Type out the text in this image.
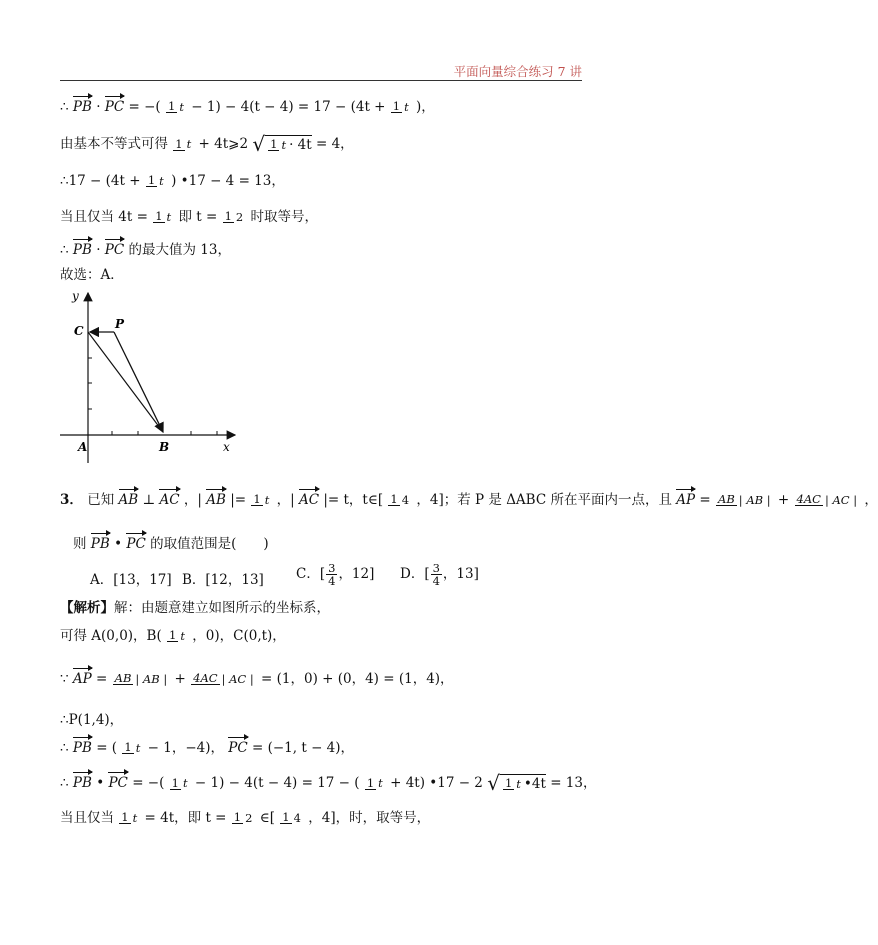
平面向量综合练习 7 讲
∴ PB · PC = −( 1 t − 1) − 4(t − 4) = 17 − (4t + 1 t )，
由基本不等式可得 1 t + 4t⩾2 √ 1 t · 4t = 4，
∴17 − (4t + 1 t ) •17 − 4 = 13，
当且仅当 4t = 1 t 即 t = 1 2 时取等号，
∴ PB · PC 的最大值为 13，
故选：A．
y
x
C	P
A	B
3． 已知 AB ⊥ AC ，| AB |= 1 t ，| AC |= t，t∈[ 1 4 ，4]；若 P 是 ΔABC 所在平面内一点，且 AP = AB | AB | + 4AC | AC | ，
则 PB • PC 的取值范围是(　　)
A．[13，17] B．[12，13] C．[ $\frac{3}{4}$ ，12] D．[ $\frac{3}{4}$ ，13]
【解析】解：由题意建立如图所示的坐标系，
可得 A(0,0)，B( 1 t ，0)，C(0,t)，
∵ AP = AB | AB | + 4AC | AC | = (1，0) + (0，4) = (1，4)，
∴P(1,4)，
∴ PB = ( 1 t − 1，−4)， PC = (−1, t − 4)，
∴ PB • PC = −( 1 t − 1) − 4(t − 4) = 17 − ( 1 t + 4t) •17 − 2 √ 1 t •4t = 13，
当且仅当 1 t = 4t，即 t = 1 2 ∈[ 1 4 ，4]，时，取等号，
